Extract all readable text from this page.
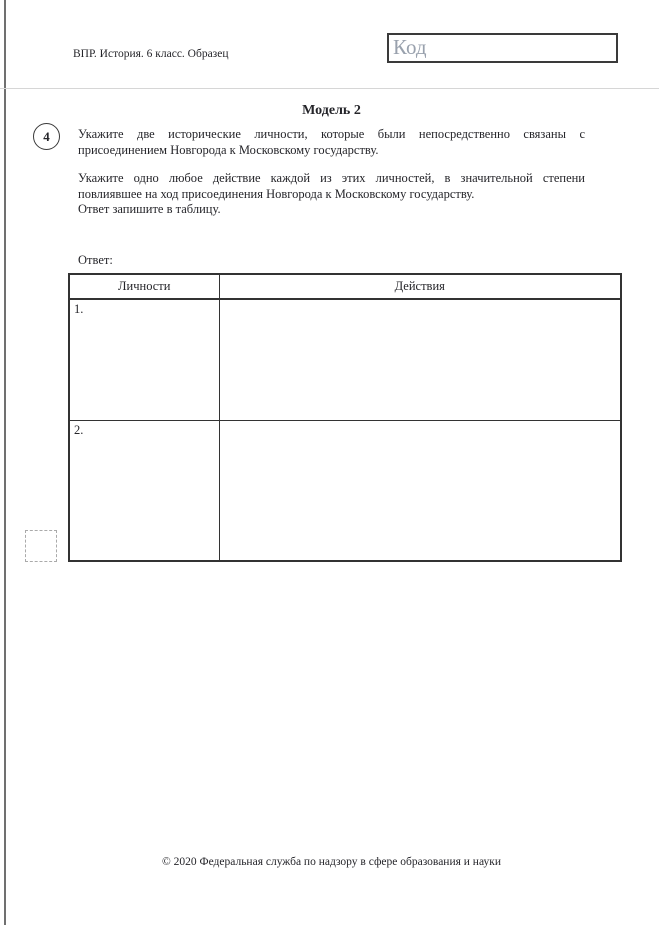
ВПР. История. 6 класс. Образец	Код
Модель 2
4 Укажите две исторические личности, которые были непосредственно связаны с
присоединением Новгорода к Московскому государству.
Укажите одно любое действие каждой из этих личностей, в значительной степени
повлиявшее на ход присоединения Новгорода к Московскому государству.
Ответ запишите в таблицу.
Ответ:
Личности	Действия
1.	
2.	
© 2020 Федеральная служба по надзору в сфере образования и науки
